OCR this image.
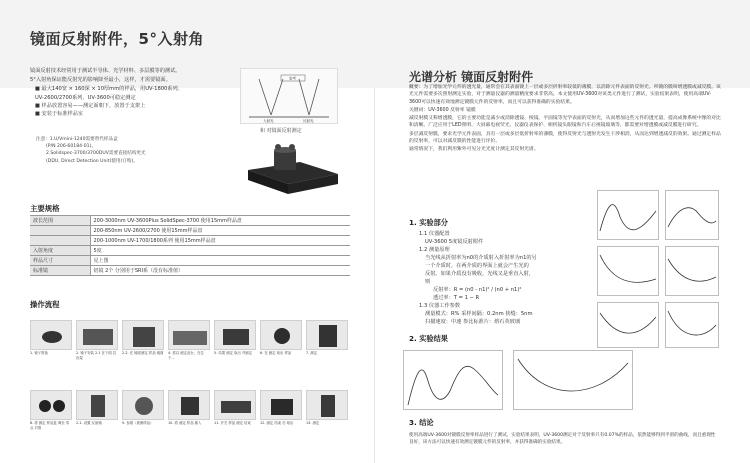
镜面反射附件，5°入射角

镜面反射技术经常用于测试半导体、光学材料、多层膜等的测试。

5°入射角保证能反射光的影响降至最小，这样，才需要镜面。

■ 最大140宽 × 160深 × 10厚mm的样品，用UV-1800系列、
UV-2600/2700系列、UV-3600可稳定测定
■ 样品放置容易——测定面朝下，放置于支架上
■ 安装于标准样品室
注意：1.U/Vmini-1240需要替代样品盒
(P/N 206-60184-01)。
2.Solidspec-3700/3700DUV需要直接结构更光
(DDU, Direct Detection Unit)使用(订购)。
参考
入射光	反射光
和 对镜面反射测定
主要规格
波长范围	200-3000nm UV-3600Plus SolidSpec-3700 使用15mm样品盘
	200-850nm UV-2600/2700 使用15mm样品盘
	200-1000nm UV-1700/1800系列 使用15mm样品盘
入射角度	5度
样品尺寸	见上图
标准镜	铝镜 2个 分别用于SRI系（没有标准值）
操作流程
1. 镜子准备	2. 镜子安装 2-1 在下面 拉出架
2-2. 在 镜面测定 样品 镜面 4. 将以 测定品台，在位于...
5. 结果 测定 取出 并测定	6. 在 测定 取出 样品	7. 测定
8. 将 测定 样品盒 调至 零点 对准
2-1. 设置 反射镜	9. 参照（被测样品）	10. 将 测定 样品 插入	11. 开关 样品 测定 结束	12. 测定 结束 后 取出	13. 测定
光谱分析 镜面反射附件

概要：为了增加光学元件的透光量，通常会在其表面镀上一层或多层折射率较低的薄膜，以消除元件表面的反射光。所镀的膜叫增透膜或减反膜。该光元件需要多次照射测定实验，对于测量仪器的测量精度要求非常高。本文使用UV-3600对该类元件进行了测试，实验结果表明，使用高端UV-3600可以快速有效地测定镀膜元件的反射率，而且可以获得准确的实验结果。

关键词：UV-3600 反射率 镜膜

减反射膜又称增透膜，它的主要功能是减少或消除透镜、棱镜、平面镜等光学表面的反射光，从而增加这些元件的透光量，提高成像系统中像的对比和清晰。广泛应用于LED照明、大屏幕电视荧光、仪器仪表保护、相机镜头眼镜和汽车后视镜玻璃等，都需要对增透膜或减反膜进行研究。

多层减反射膜，要求光学元件表面，具有一层或多层低折射率的薄膜，使得反射光与透射光发生干涉相消，从而达到增透减反的效果。通过测定样品的反射率，可以对减反膜的性能进行评价。

通常情况下，我们利用紫外可见分光光度计测定其反射光谱。

1. 实验部分
1.1 仪器配置
UV-3600 5度镜反射附件
1.2 测量原理
当光线从折射率为n0的介质射入折射率为n1的另
一个介质时，在两介质的界面上就会产生光的
反射。如果介质没有吸收，光线又是垂直入射，
则
反射率：R = (n0 - n1)² / (n0 + n1)²
透过率：T = 1 − R
1.3 仪器工作参数
测量模式：R% 采样间隔：0.2nm 狭缝：5nm
扫描速度：中速 参比标准片：熔石英玻璃
2. 实验结果
3. 结论
使用高端UV-3600对镀膜反射率样品进行了测试。实验结果表明，UV-3600测定对于反射率只有0.07%的样品，依然能够得到平滑的曲线，而且重现性良好，该方法可以快速有效测定镀膜元件的反射率，并获得准确的实验结果。
